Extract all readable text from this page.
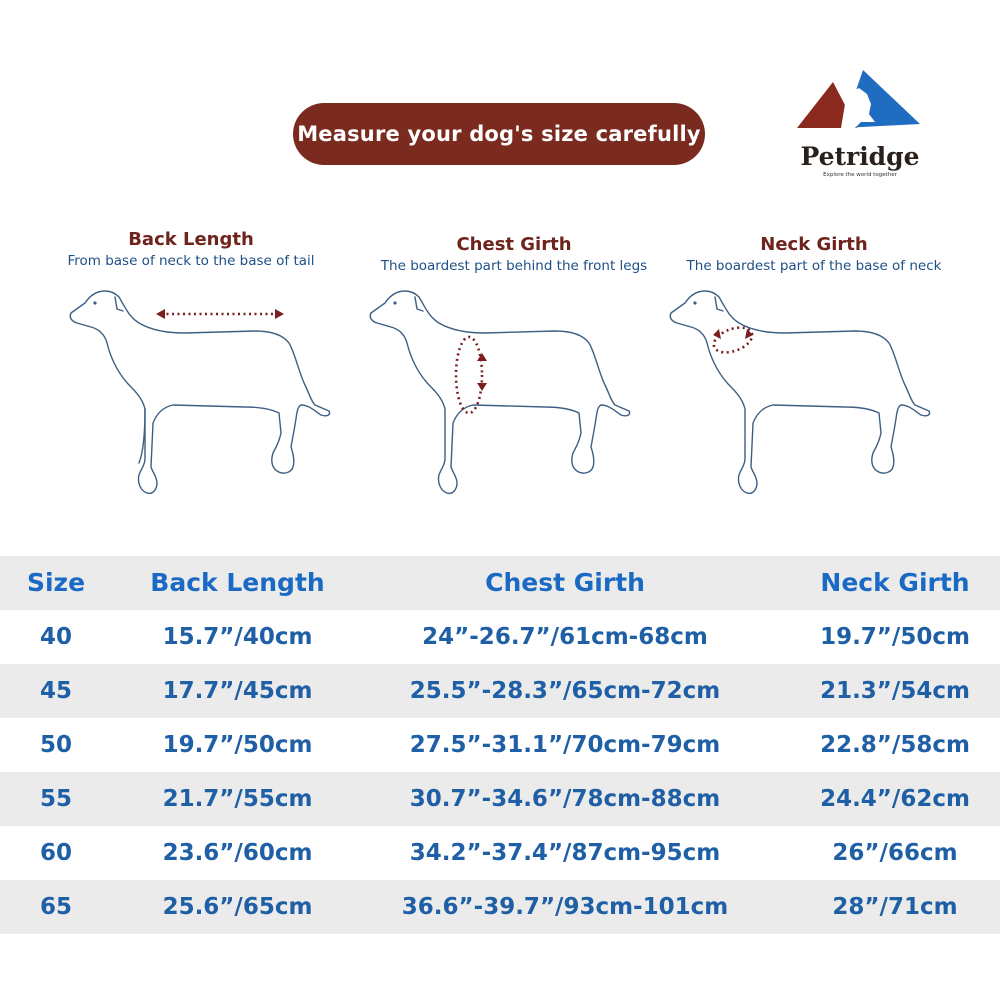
Measure your dog's size carefully
Petridge
Explore the world together
Back Length
From base of neck to the base of tail
Chest Girth
The boardest part behind the front legs
Neck Girth
The boardest part of the base of neck
Size	Back Length	Chest Girth	Neck Girth
40	15.7”/40cm	24”-26.7”/61cm-68cm	19.7”/50cm
45	17.7”/45cm	25.5”-28.3”/65cm-72cm	21.3”/54cm
50	19.7”/50cm	27.5”-31.1”/70cm-79cm	22.8”/58cm
55	21.7”/55cm	30.7”-34.6”/78cm-88cm	24.4”/62cm
60	23.6”/60cm	34.2”-37.4”/87cm-95cm	26”/66cm
65	25.6”/65cm	36.6”-39.7”/93cm-101cm	28”/71cm
